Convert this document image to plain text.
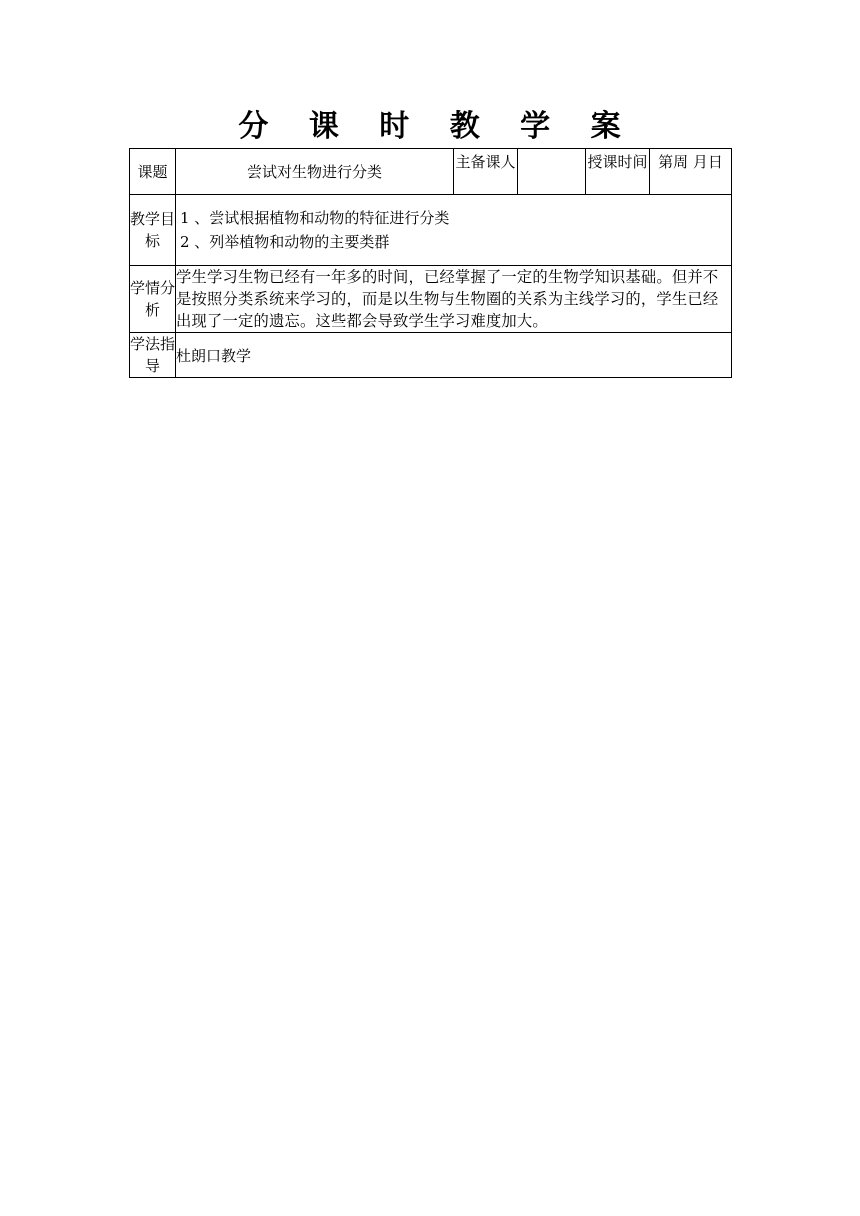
分 课 时 教 学 案
课题	尝试对生物进行分类	主备课人		授课时间	第周 月日
教学目标	1 、尝试根据植物和动物的特征进行分类
2 、列举植物和动物的主要类群				

学情分析	学生学习生物已经有一年多的时间，已经掌握了一定的生物学知识基础。但并不是按照分类系统来学习的，而是以生物与生物圈的关系为主线学习的，学生已经出现了一定的遗忘。这些都会导致学生学习难度加大。				
学法指导	杜朗口教学				
